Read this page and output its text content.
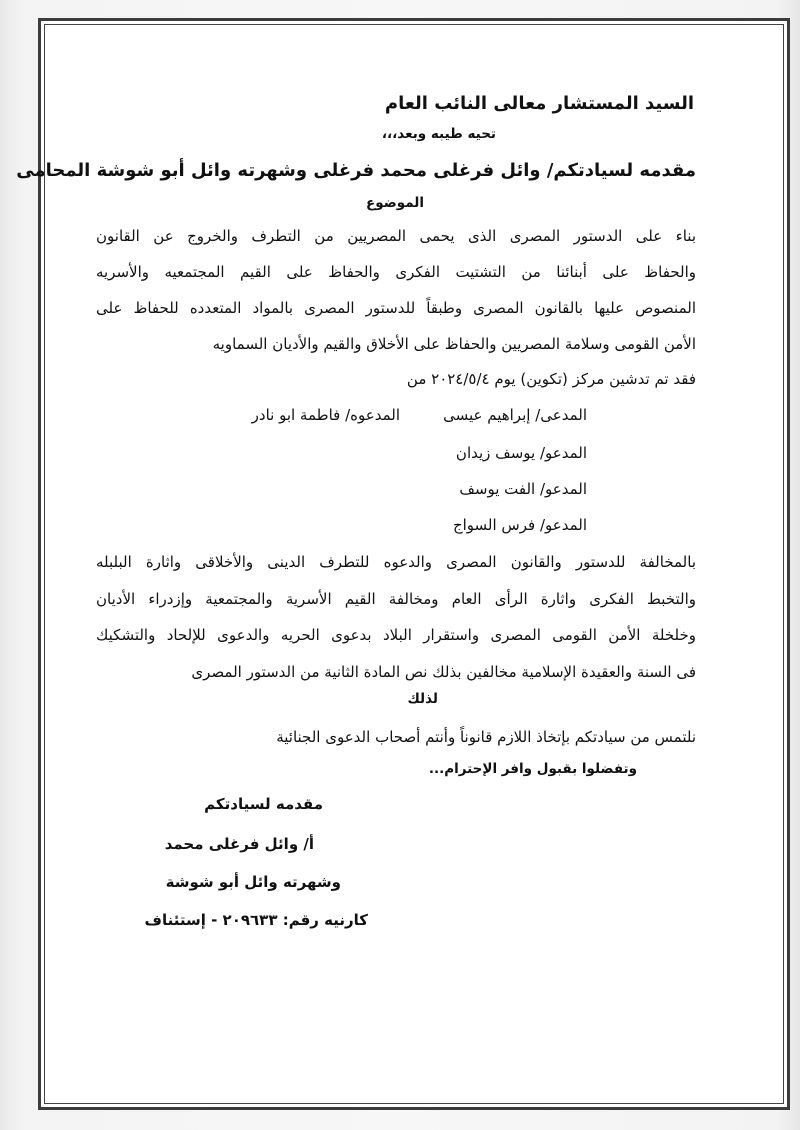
السيد المستشار معالى النائب العام
تحيه طيبه وبعد،،،
مقدمه لسيادتكم/ وائل فرغلى محمد فرغلى وشهرته وائل أبو شوشة المحامى
الموضوع
بناء على الدستور المصرى الذى يحمى المصريين من التطرف والخروج عن القانون
والحفاظ على أبنائنا من التشتيت الفكرى والحفاظ على القيم المجتمعيه والأسريه
المنصوص عليها بالقانون المصرى وطبقاً للدستور المصرى بالمواد المتعدده للحفاظ على
الأمن القومى وسلامة المصريين والحفاظ على الأخلاق والقيم والأديان السماويه
فقد تم تدشين مركز (تكوين) يوم ٢٠٢٤/٥/٤ من
المدعى/ إبراهيم عيسى
المدعوه/ فاطمة ابو نادر
المدعو/ يوسف زيدان
المدعو/ الفت يوسف
المدعو/ فرس السواج
بالمخالفة للدستور والقانون المصرى والدعوه للتطرف الدينى والأخلاقى واثارة البلبله
والتخبط الفكرى واثارة الرأى العام ومخالفة القيم الأسرية والمجتمعية وإزدراء الأديان
وخلخلة الأمن القومى المصرى واستقرار البلاد بدعوى الحريه والدعوى للإلحاد والتشكيك
فى السنة والعقيدة الإسلامية مخالفين بذلك نص المادة الثانية من الدستور المصرى
لذلك
نلتمس من سيادتكم بإتخاذ اللازم قانوناً وأنتم أصحاب الدعوى الجنائية
وتفضلوا بقبول وافر الإحترام...
مقدمه لسيادتكم
أ/ وائل فرغلى محمد
وشهرته وائل أبو شوشة
كارنيه رقم: ٢٠٩٦٣٣ - إستئناف
